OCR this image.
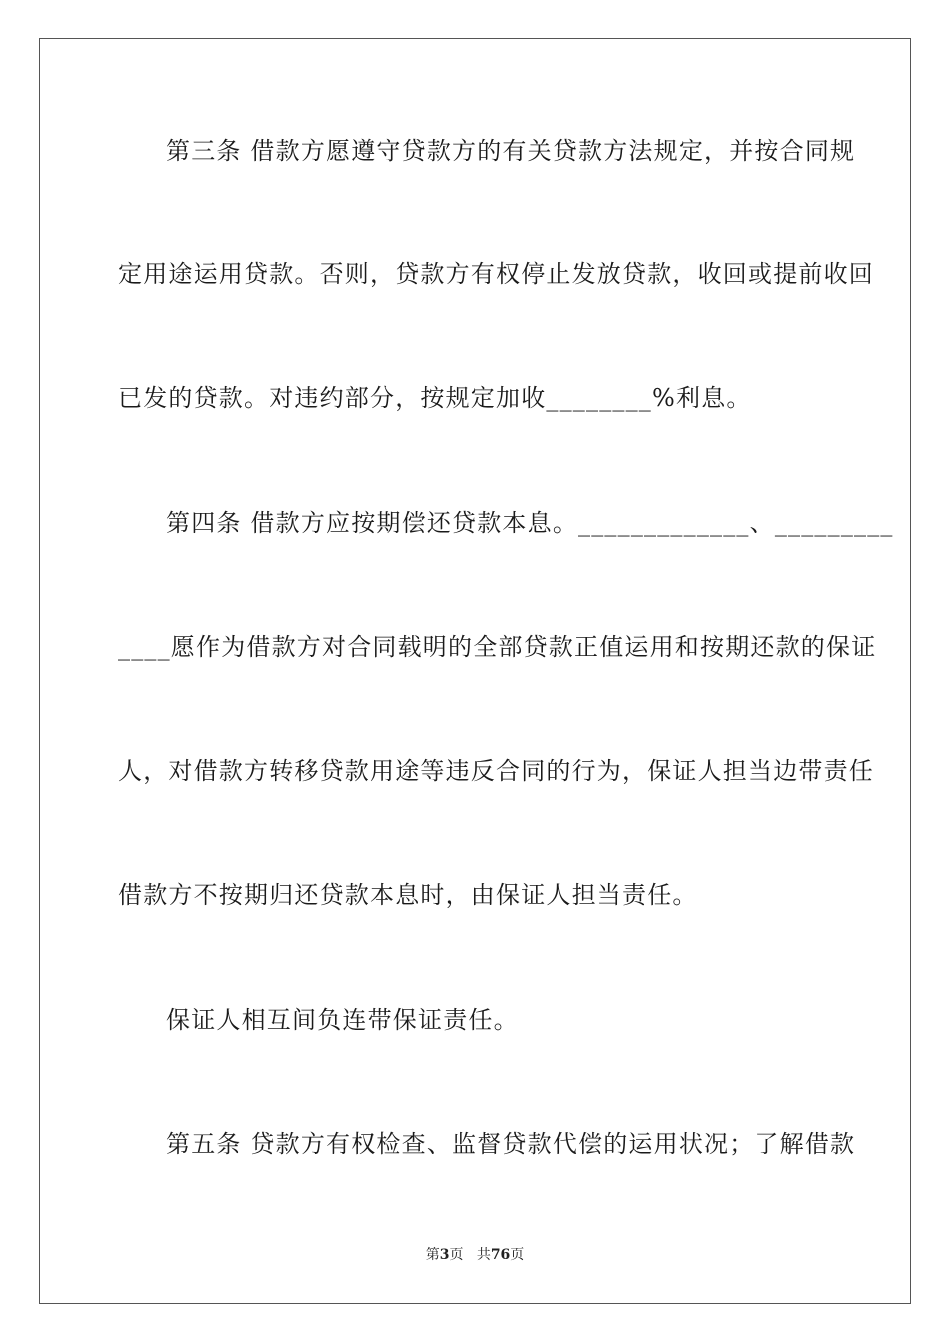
第三条 借款方愿遵守贷款方的有关贷款方法规定，并按合同规
定用途运用贷款。否则，贷款方有权停止发放贷款，收回或提前收回
已发的贷款。对违约部分，按规定加收________%利息。
第四条 借款方应按期偿还贷款本息。_____________、_________
____愿作为借款方对合同载明的全部贷款正值运用和按期还款的保证
人，对借款方转移贷款用途等违反合同的行为，保证人担当边带责任
借款方不按期归还贷款本息时，由保证人担当责任。
保证人相互间负连带保证责任。
第五条 贷款方有权检查、监督贷款代偿的运用状况；了解借款
第3页 共76页
